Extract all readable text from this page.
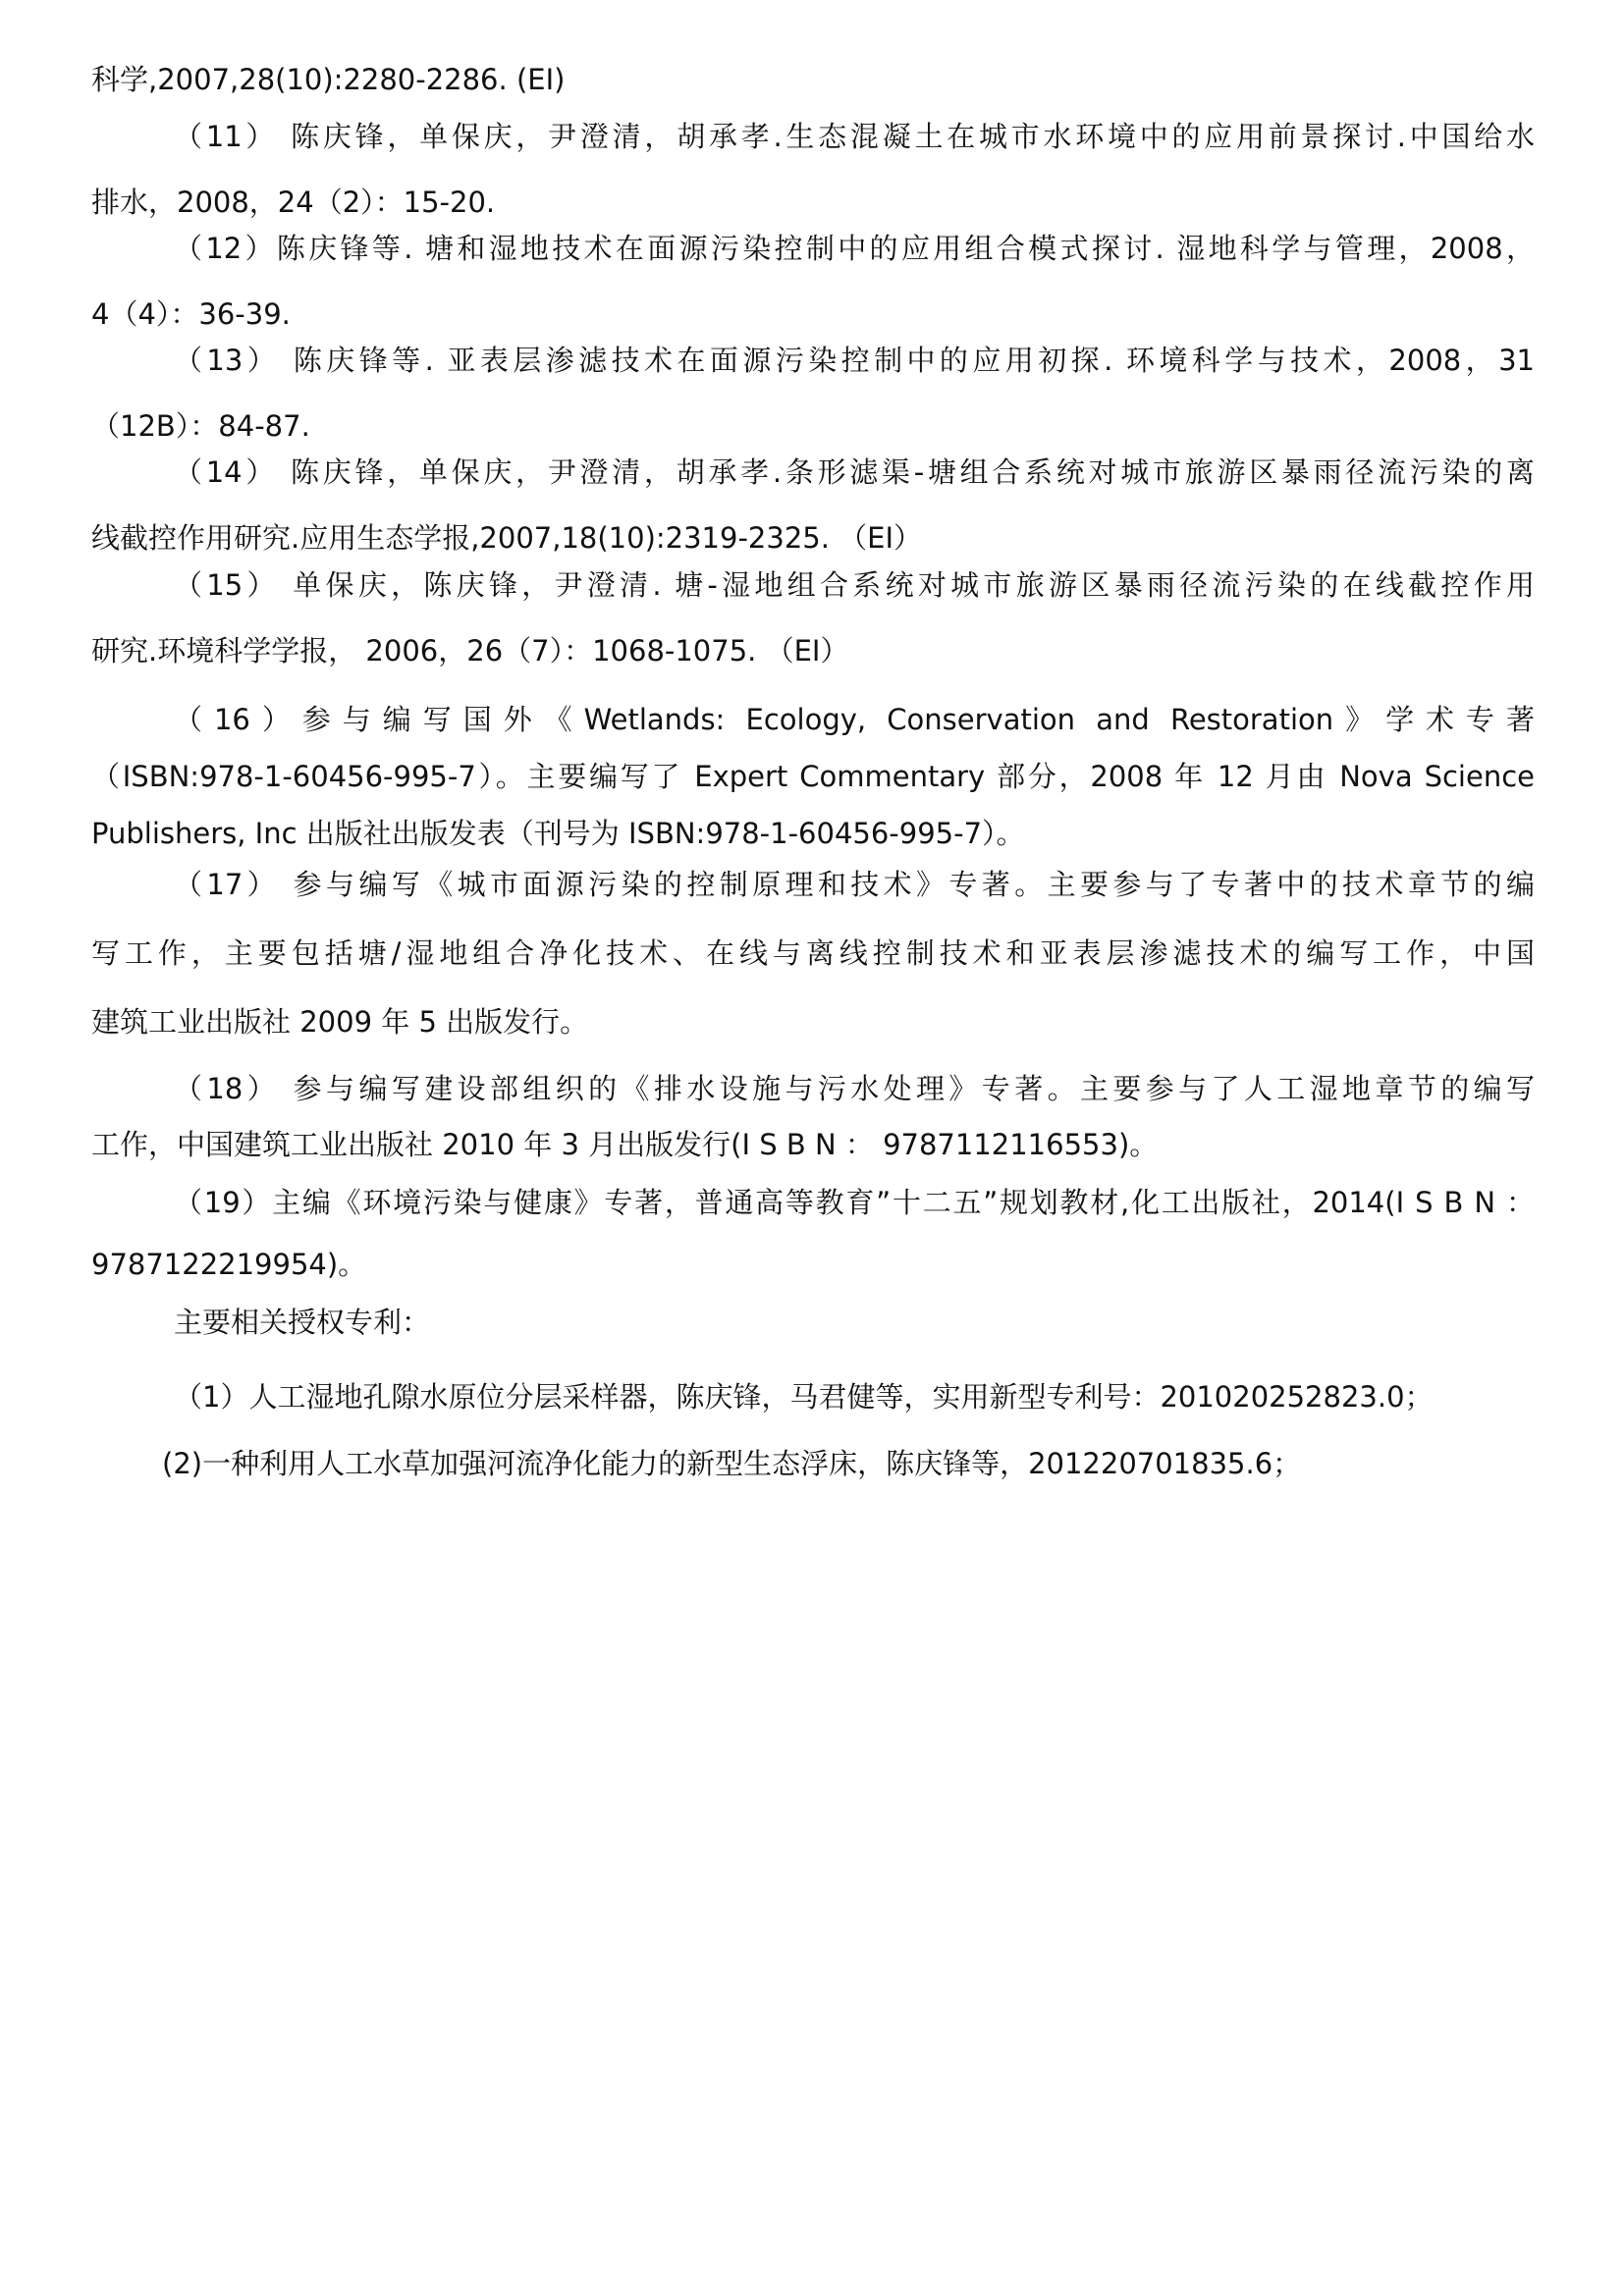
科学,2007,28(10):2280-2286. (EI)

（11） 陈庆锋，单保庆，尹澄清，胡承孝.生态混凝土在城市水环境中的应用前景探讨.中国给水
排水，2008，24（2）：15-20.

（12）陈庆锋等. 塘和湿地技术在面源污染控制中的应用组合模式探讨. 湿地科学与管理，2008，
4（4）：36-39.

（13） 陈庆锋等. 亚表层渗滤技术在面源污染控制中的应用初探. 环境科学与技术，2008，31
（12B）：84-87.

（14） 陈庆锋，单保庆，尹澄清，胡承孝.条形滤渠-塘组合系统对城市旅游区暴雨径流污染的离
线截控作用研究.应用生态学报,2007,18(10):2319-2325. （EI）

（15） 单保庆，陈庆锋，尹澄清. 塘-湿地组合系统对城市旅游区暴雨径流污染的在线截控作用
研究.环境科学学报， 2006，26（7）：1068-1075. （EI）

（16）参与编写国外《Wetlands: Ecology, Conservation and Restoration》学术专著
（ISBN:978-1-60456-995-7）。主要编写了 Expert Commentary 部分，2008 年 12 月由 Nova Science
Publishers, Inc 出版社出版发表（刊号为 ISBN:978-1-60456-995-7）。

（17） 参与编写《城市面源污染的控制原理和技术》专著。主要参与了专著中的技术章节的编
写工作，主要包括塘/湿地组合净化技术、在线与离线控制技术和亚表层渗滤技术的编写工作，中国
建筑工业出版社 2009 年 5 出版发行。

（18） 参与编写建设部组织的《排水设施与污水处理》专著。主要参与了人工湿地章节的编写
工作，中国建筑工业出版社 2010 年 3 月出版发行(I S B N ： 9787112116553)。

（19）主编《环境污染与健康》专著，普通高等教育”十二五”规划教材,化工出版社，2014(I S B N ：
9787122219954)。

主要相关授权专利：

（1）人工湿地孔隙水原位分层采样器，陈庆锋，马君健等，实用新型专利号：201020252823.0；

(2)一种利用人工水草加强河流净化能力的新型生态浮床，陈庆锋等，201220701835.6；
